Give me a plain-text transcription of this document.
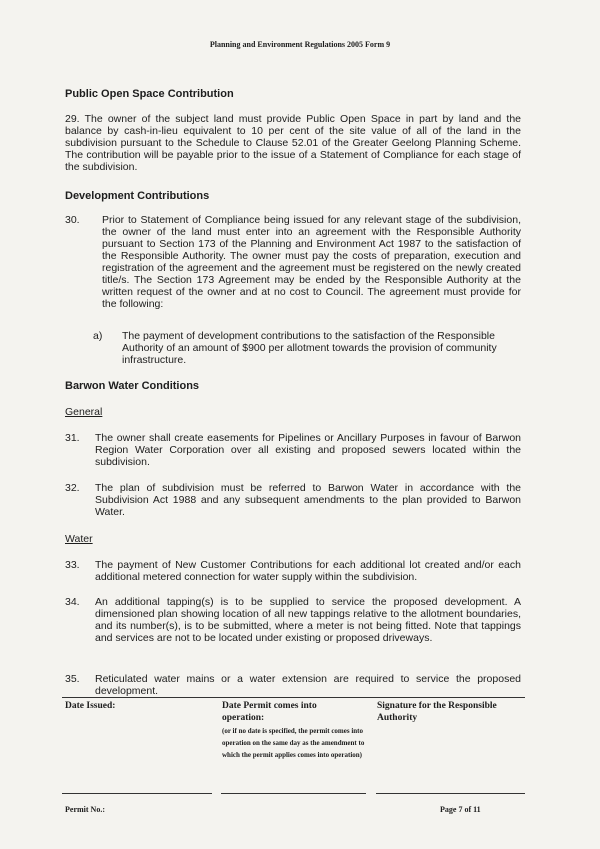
Planning and Environment Regulations 2005 Form 9
Public Open Space Contribution
29. The owner of the subject land must provide Public Open Space in part by land and the balance by cash-in-lieu equivalent to 10 per cent of the site value of all of the land in the subdivision pursuant to the Schedule to Clause 52.01 of the Greater Geelong Planning Scheme. The contribution will be payable prior to the issue of a Statement of Compliance for each stage of the subdivision.
Development Contributions
30. Prior to Statement of Compliance being issued for any relevant stage of the subdivision, the owner of the land must enter into an agreement with the Responsible Authority pursuant to Section 173 of the Planning and Environment Act 1987 to the satisfaction of the Responsible Authority. The owner must pay the costs of preparation, execution and registration of the agreement and the agreement must be registered on the newly created title/s. The Section 173 Agreement may be ended by the Responsible Authority at the written request of the owner and at no cost to Council. The agreement must provide for the following:
a) The payment of development contributions to the satisfaction of the Responsible Authority of an amount of $900 per allotment towards the provision of community infrastructure.
Barwon Water Conditions
General
31. The owner shall create easements for Pipelines or Ancillary Purposes in favour of Barwon Region Water Corporation over all existing and proposed sewers located within the subdivision.
32. The plan of subdivision must be referred to Barwon Water in accordance with the Subdivision Act 1988 and any subsequent amendments to the plan provided to Barwon Water.
Water
33. The payment of New Customer Contributions for each additional lot created and/or each additional metered connection for water supply within the subdivision.
34. An additional tapping(s) is to be supplied to service the proposed development. A dimensioned plan showing location of all new tappings relative to the allotment boundaries, and its number(s), is to be submitted, where a meter is not being fitted. Note that tappings and services are not to be located under existing or proposed driveways.
35. Reticulated water mains or a water extension are required to service the proposed development.
Date Issued:	Date Permit comes into operation:
(or if no date is specified, the permit comes into operation on the same day as the amendment to which the permit applies comes into operation)
Signature for the Responsible Authority
Permit No.:	Page 7 of 11
